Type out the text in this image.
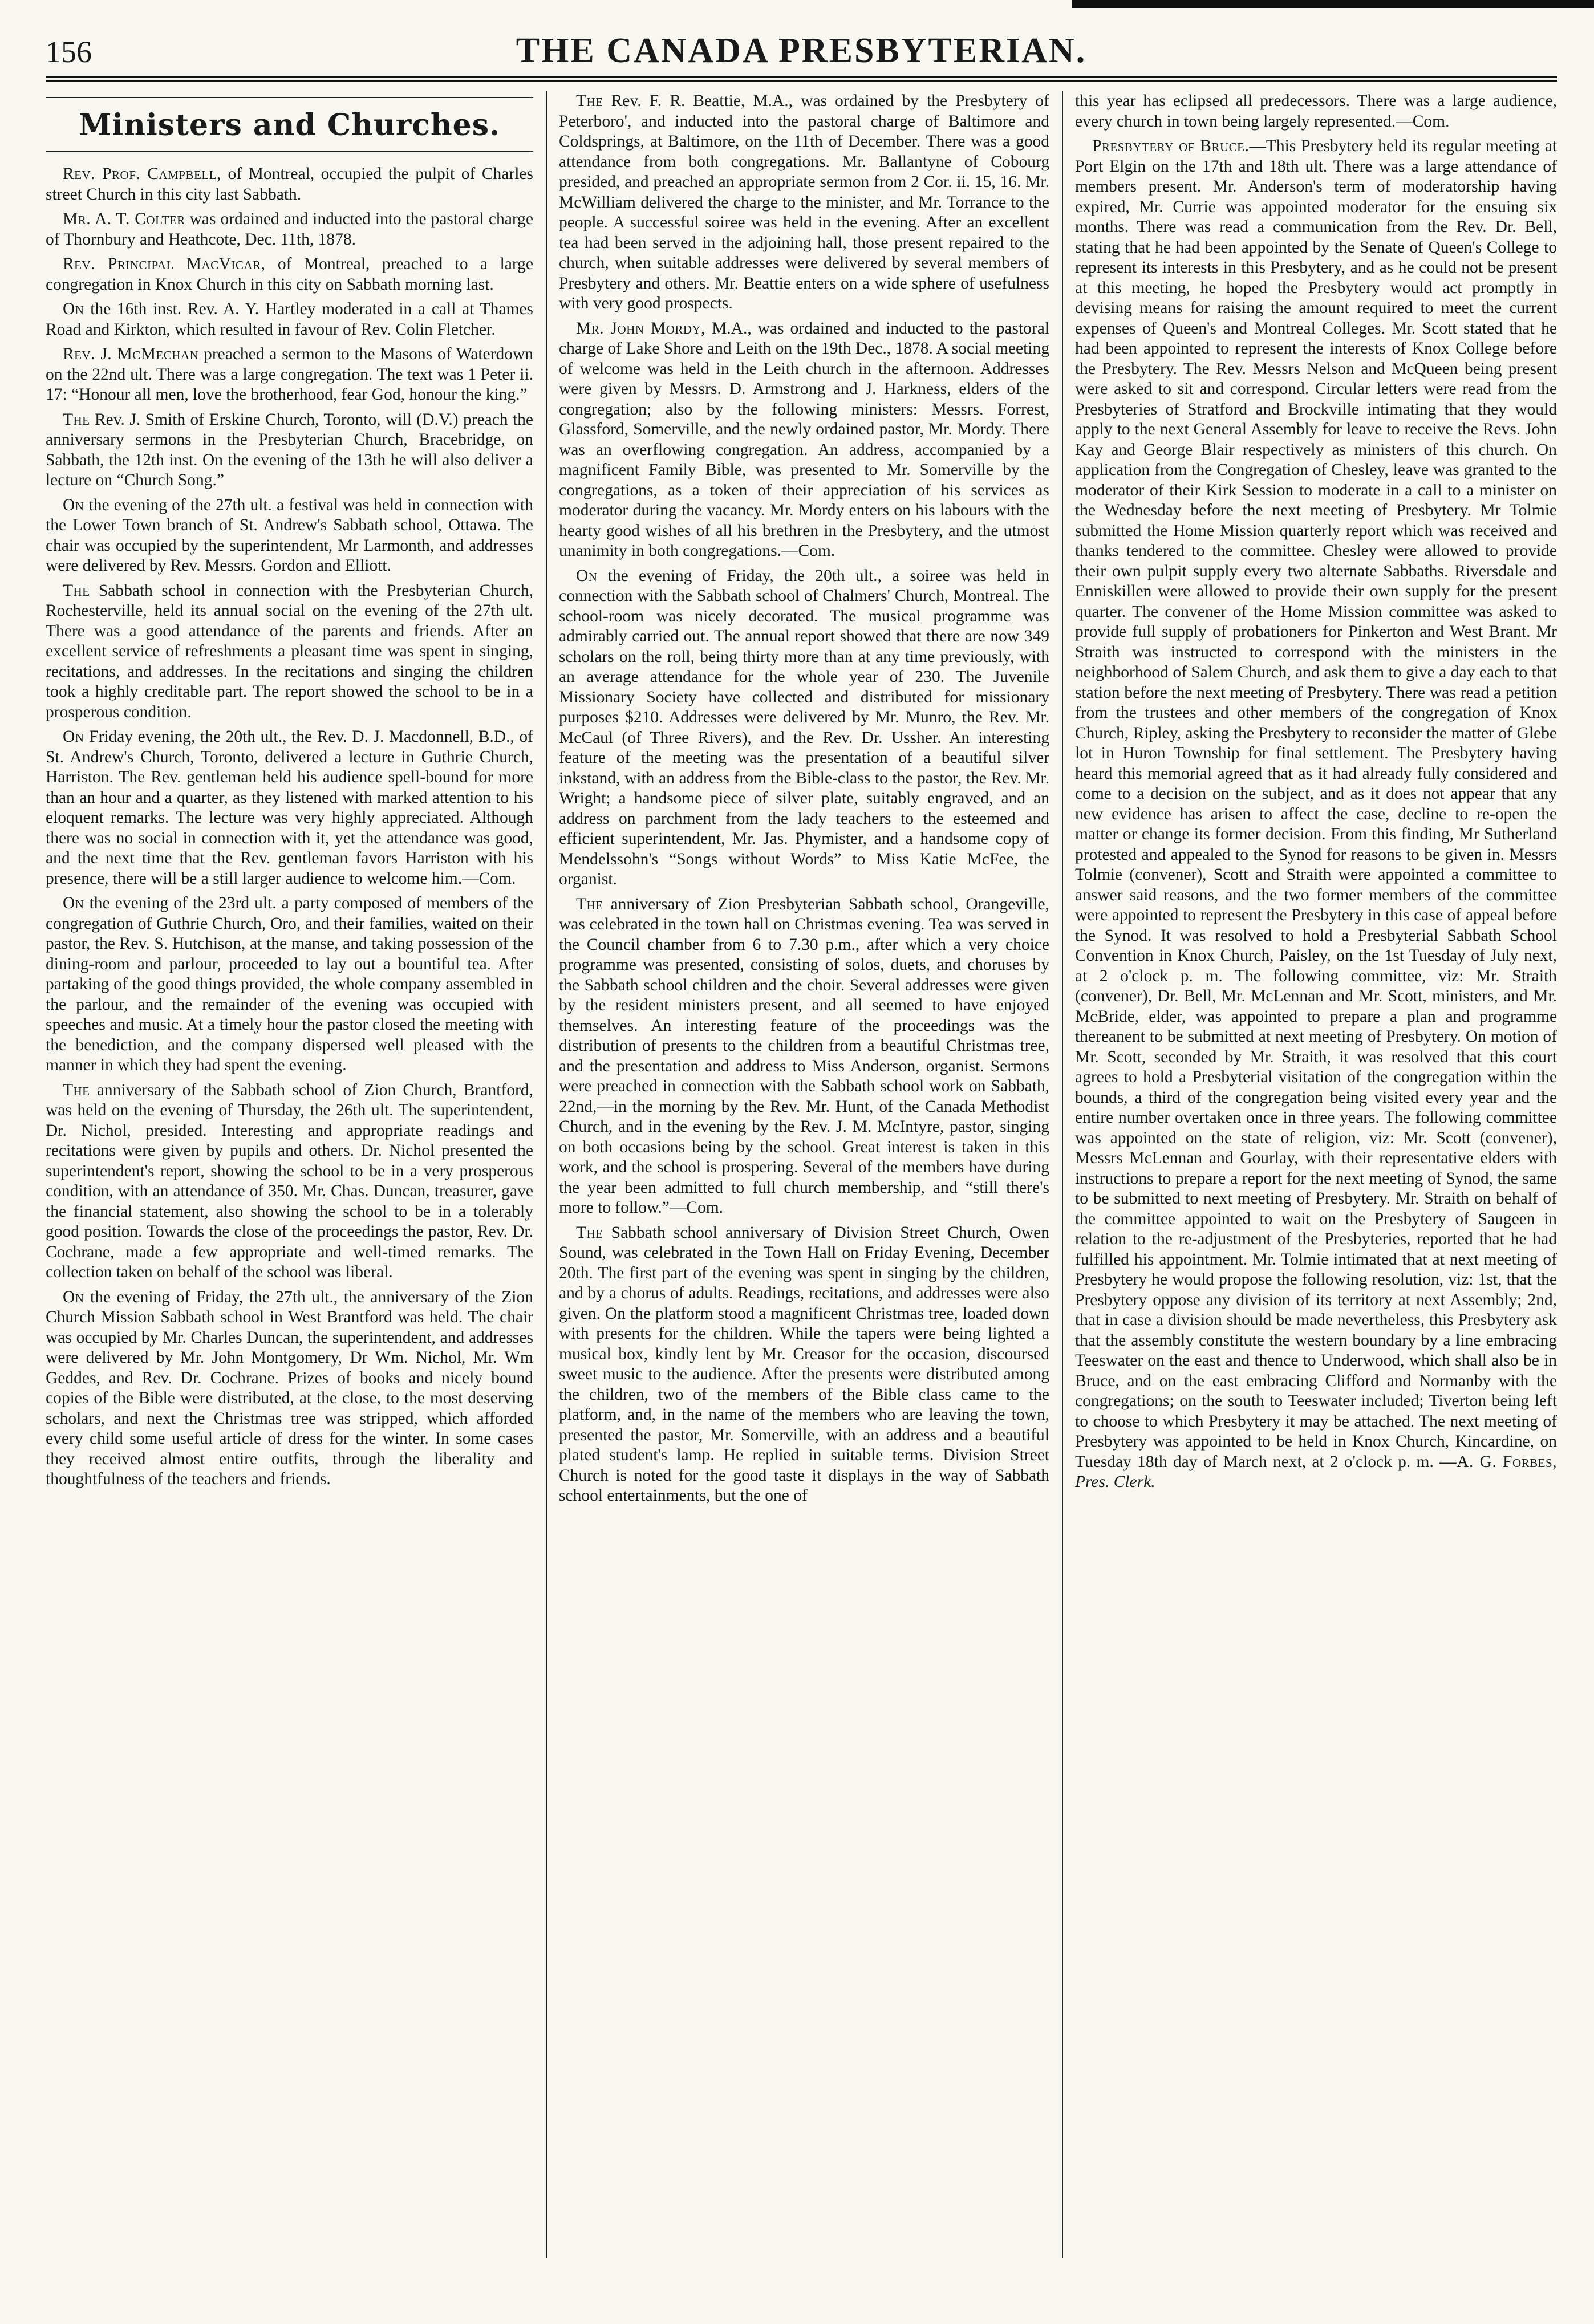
156	THE CANADA PRESBYTERIAN.
Ministers and Churches.

Rev. Prof. Campbell, of Montreal, occupied the pulpit of Charles street Church in this city last Sabbath.

Mr. A. T. Colter was ordained and inducted into the pastoral charge of Thornbury and Heathcote, Dec. 11th, 1878.

Rev. Principal MacVicar, of Montreal, preached to a large congregation in Knox Church in this city on Sabbath morning last.

On the 16th inst. Rev. A. Y. Hartley moderated in a call at Thames Road and Kirkton, which resulted in favour of Rev. Colin Fletcher.

Rev. J. McMechan preached a sermon to the Masons of Waterdown on the 22nd ult. There was a large congregation. The text was 1 Peter ii. 17: “Honour all men, love the brotherhood, fear God, honour the king.”

The Rev. J. Smith of Erskine Church, Toronto, will (D.V.) preach the anniversary sermons in the Presbyterian Church, Bracebridge, on Sabbath, the 12th inst. On the evening of the 13th he will also deliver a lecture on “Church Song.”

On the evening of the 27th ult. a festival was held in connection with the Lower Town branch of St. Andrew's Sabbath school, Ottawa. The chair was occupied by the superintendent, Mr Larmonth, and addresses were delivered by Rev. Messrs. Gordon and Elliott.

The Sabbath school in connection with the Presbyterian Church, Rochesterville, held its annual social on the evening of the 27th ult. There was a good attendance of the parents and friends. After an excellent service of refreshments a pleasant time was spent in singing, recitations, and addresses. In the recitations and singing the children took a highly creditable part. The report showed the school to be in a prosperous condition.

On Friday evening, the 20th ult., the Rev. D. J. Macdonnell, B.D., of St. Andrew's Church, Toronto, delivered a lecture in Guthrie Church, Harriston. The Rev. gentleman held his audience spell-bound for more than an hour and a quarter, as they listened with marked attention to his eloquent remarks. The lecture was very highly appreciated. Although there was no social in connection with it, yet the attendance was good, and the next time that the Rev. gentleman favors Harriston with his presence, there will be a still larger audience to welcome him.—Com.

On the evening of the 23rd ult. a party composed of members of the congregation of Guthrie Church, Oro, and their families, waited on their pastor, the Rev. S. Hutchison, at the manse, and taking possession of the dining-room and parlour, proceeded to lay out a bountiful tea. After partaking of the good things provided, the whole company assembled in the parlour, and the remainder of the evening was occupied with speeches and music. At a timely hour the pastor closed the meeting with the benediction, and the company dispersed well pleased with the manner in which they had spent the evening.

The anniversary of the Sabbath school of Zion Church, Brantford, was held on the evening of Thursday, the 26th ult. The superintendent, Dr. Nichol, presided. Interesting and appropriate readings and recitations were given by pupils and others. Dr. Nichol presented the superintendent's report, showing the school to be in a very prosperous condition, with an attendance of 350. Mr. Chas. Duncan, treasurer, gave the financial statement, also showing the school to be in a tolerably good position. Towards the close of the proceedings the pastor, Rev. Dr. Cochrane, made a few appropriate and well-timed remarks. The collection taken on behalf of the school was liberal.

On the evening of Friday, the 27th ult., the anniversary of the Zion Church Mission Sabbath school in West Brantford was held. The chair was occupied by Mr. Charles Duncan, the superintendent, and addresses were delivered by Mr. John Montgomery, Dr Wm. Nichol, Mr. Wm Geddes, and Rev. Dr. Cochrane. Prizes of books and nicely bound copies of the Bible were distributed, at the close, to the most deserving scholars, and next the Christmas tree was stripped, which afforded every child some useful article of dress for the winter. In some cases they received almost entire outfits, through the liberality and thoughtfulness of the teachers and friends.

The Rev. F. R. Beattie, M.A., was ordained by the Presbytery of Peterboro', and inducted into the pastoral charge of Baltimore and Coldsprings, at Baltimore, on the 11th of December. There was a good attendance from both congregations. Mr. Ballantyne of Cobourg presided, and preached an appropriate sermon from 2 Cor. ii. 15, 16. Mr. McWilliam delivered the charge to the minister, and Mr. Torrance to the people. A successful soiree was held in the evening. After an excellent tea had been served in the adjoining hall, those present repaired to the church, when suitable addresses were delivered by several members of Presbytery and others. Mr. Beattie enters on a wide sphere of usefulness with very good prospects.

Mr. John Mordy, M.A., was ordained and inducted to the pastoral charge of Lake Shore and Leith on the 19th Dec., 1878. A social meeting of welcome was held in the Leith church in the afternoon. Addresses were given by Messrs. D. Armstrong and J. Harkness, elders of the congregation; also by the following ministers: Messrs. Forrest, Glassford, Somerville, and the newly ordained pastor, Mr. Mordy. There was an overflowing congregation. An address, accompanied by a magnificent Family Bible, was presented to Mr. Somerville by the congregations, as a token of their appreciation of his services as moderator during the vacancy. Mr. Mordy enters on his labours with the hearty good wishes of all his brethren in the Presbytery, and the utmost unanimity in both congregations.—Com.

On the evening of Friday, the 20th ult., a soiree was held in connection with the Sabbath school of Chalmers' Church, Montreal. The school-room was nicely decorated. The musical programme was admirably carried out. The annual report showed that there are now 349 scholars on the roll, being thirty more than at any time previously, with an average attendance for the whole year of 230. The Juvenile Missionary Society have collected and distributed for missionary purposes $210. Addresses were delivered by Mr. Munro, the Rev. Mr. McCaul (of Three Rivers), and the Rev. Dr. Ussher. An interesting feature of the meeting was the presentation of a beautiful silver inkstand, with an address from the Bible-class to the pastor, the Rev. Mr. Wright; a handsome piece of silver plate, suitably engraved, and an address on parchment from the lady teachers to the esteemed and efficient superintendent, Mr. Jas. Phymister, and a handsome copy of Mendelssohn's “Songs without Words” to Miss Katie McFee, the organist.

The anniversary of Zion Presbyterian Sabbath school, Orangeville, was celebrated in the town hall on Christmas evening. Tea was served in the Council chamber from 6 to 7.30 p.m., after which a very choice programme was presented, consisting of solos, duets, and choruses by the Sabbath school children and the choir. Several addresses were given by the resident ministers present, and all seemed to have enjoyed themselves. An interesting feature of the proceedings was the distribution of presents to the children from a beautiful Christmas tree, and the presentation and address to Miss Anderson, organist. Sermons were preached in connection with the Sabbath school work on Sabbath, 22nd,—in the morning by the Rev. Mr. Hunt, of the Canada Methodist Church, and in the evening by the Rev. J. M. McIntyre, pastor, singing on both occasions being by the school. Great interest is taken in this work, and the school is prospering. Several of the members have during the year been admitted to full church membership, and “still there's more to follow.”—Com.

The Sabbath school anniversary of Division Street Church, Owen Sound, was celebrated in the Town Hall on Friday Evening, December 20th. The first part of the evening was spent in singing by the children, and by a chorus of adults. Readings, recitations, and addresses were also given. On the platform stood a magnificent Christmas tree, loaded down with presents for the children. While the tapers were being lighted a musical box, kindly lent by Mr. Creasor for the occasion, discoursed sweet music to the audience. After the presents were distributed among the children, two of the members of the Bible class came to the platform, and, in the name of the members who are leaving the town, presented the pastor, Mr. Somerville, with an address and a beautiful plated student's lamp. He replied in suitable terms. Division Street Church is noted for the good taste it displays in the way of Sabbath school entertainments, but the one of

this year has eclipsed all predecessors. There was a large audience, every church in town being largely represented.—Com.

Presbytery of Bruce.—This Presbytery held its regular meeting at Port Elgin on the 17th and 18th ult. There was a large attendance of members present. Mr. Anderson's term of moderatorship having expired, Mr. Currie was appointed moderator for the ensuing six months. There was read a communication from the Rev. Dr. Bell, stating that he had been appointed by the Senate of Queen's College to represent its interests in this Presbytery, and as he could not be present at this meeting, he hoped the Presbytery would act promptly in devising means for raising the amount required to meet the current expenses of Queen's and Montreal Colleges. Mr. Scott stated that he had been appointed to represent the interests of Knox College before the Presbytery. The Rev. Messrs Nelson and McQueen being present were asked to sit and correspond. Circular letters were read from the Presbyteries of Stratford and Brockville intimating that they would apply to the next General Assembly for leave to receive the Revs. John Kay and George Blair respectively as ministers of this church. On application from the Congregation of Chesley, leave was granted to the moderator of their Kirk Session to moderate in a call to a minister on the Wednesday before the next meeting of Presbytery. Mr Tolmie submitted the Home Mission quarterly report which was received and thanks tendered to the committee. Chesley were allowed to provide their own pulpit supply every two alternate Sabbaths. Riversdale and Enniskillen were allowed to provide their own supply for the present quarter. The convener of the Home Mission committee was asked to provide full supply of probationers for Pinkerton and West Brant. Mr Straith was instructed to correspond with the ministers in the neighborhood of Salem Church, and ask them to give a day each to that station before the next meeting of Presbytery. There was read a petition from the trustees and other members of the congregation of Knox Church, Ripley, asking the Presbytery to reconsider the matter of Glebe lot in Huron Township for final settlement. The Presbytery having heard this memorial agreed that as it had already fully considered and come to a decision on the subject, and as it does not appear that any new evidence has arisen to affect the case, decline to re-open the matter or change its former decision. From this finding, Mr Sutherland protested and appealed to the Synod for reasons to be given in. Messrs Tolmie (convener), Scott and Straith were appointed a committee to answer said reasons, and the two former members of the committee were appointed to represent the Presbytery in this case of appeal before the Synod. It was resolved to hold a Presbyterial Sabbath School Convention in Knox Church, Paisley, on the 1st Tuesday of July next, at 2 o'clock p. m. The following committee, viz: Mr. Straith (convener), Dr. Bell, Mr. McLennan and Mr. Scott, ministers, and Mr. McBride, elder, was appointed to prepare a plan and programme thereanent to be submitted at next meeting of Presbytery. On motion of Mr. Scott, seconded by Mr. Straith, it was resolved that this court agrees to hold a Presbyterial visitation of the congregation within the bounds, a third of the congregation being visited every year and the entire number overtaken once in three years. The following committee was appointed on the state of religion, viz: Mr. Scott (convener), Messrs McLennan and Gourlay, with their representative elders with instructions to prepare a report for the next meeting of Synod, the same to be submitted to next meeting of Presbytery. Mr. Straith on behalf of the committee appointed to wait on the Presbytery of Saugeen in relation to the re-adjustment of the Presbyteries, reported that he had fulfilled his appointment. Mr. Tolmie intimated that at next meeting of Presbytery he would propose the following resolution, viz: 1st, that the Presbytery oppose any division of its territory at next Assembly; 2nd, that in case a division should be made nevertheless, this Presbytery ask that the assembly constitute the western boundary by a line embracing Teeswater on the east and thence to Underwood, which shall also be in Bruce, and on the east embracing Clifford and Normanby with the congregations; on the south to Teeswater included; Tiverton being left to choose to which Presbytery it may be attached. The next meeting of Presbytery was appointed to be held in Knox Church, Kincardine, on Tuesday 18th day of March next, at 2 o'clock p. m. —A. G. Forbes, Pres. Clerk.
